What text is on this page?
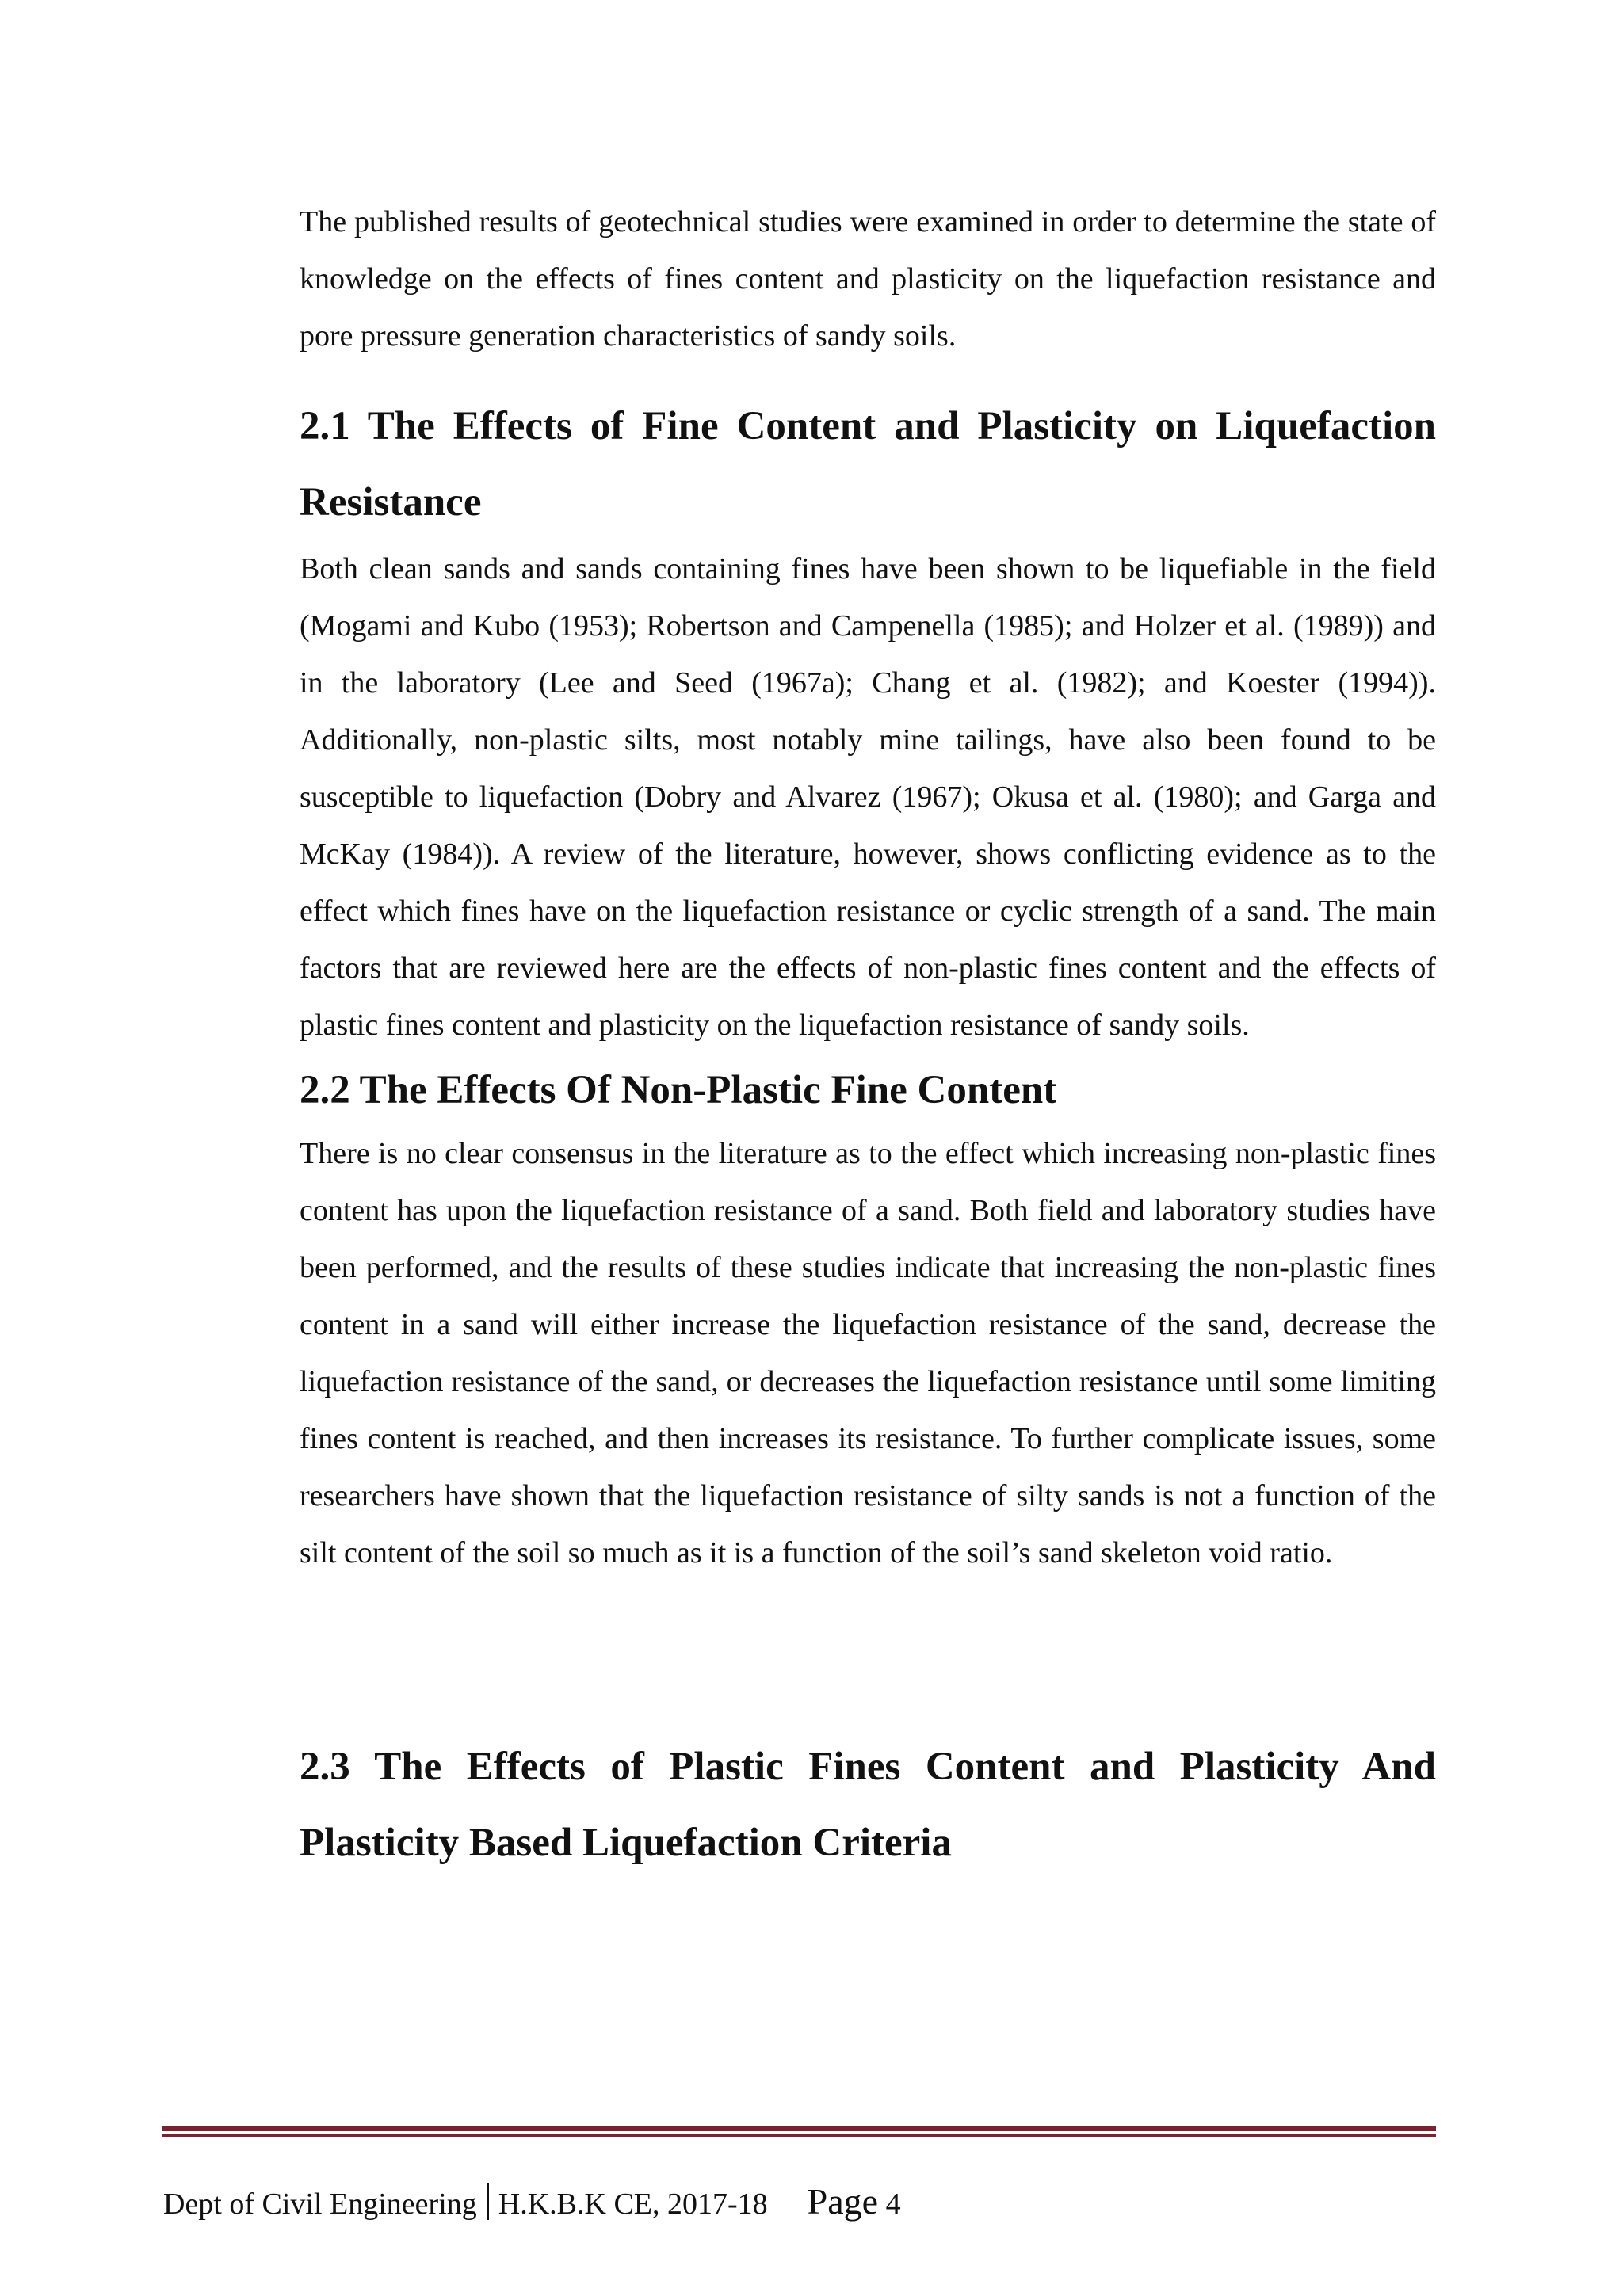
The published results of geotechnical studies were examined in order to determine the state of knowledge on the effects of fines content and plasticity on the liquefaction resistance and pore pressure generation characteristics of sandy soils.

2.1 The Effects of Fine Content and Plasticity on Liquefaction Resistance

Both clean sands and sands containing fines have been shown to be liquefiable in the field (Mogami and Kubo (1953); Robertson and Campenella (1985); and Holzer et al. (1989)) and in the laboratory (Lee and Seed (1967a); Chang et al. (1982); and Koester (1994)). Additionally, non-plastic silts, most notably mine tailings, have also been found to be susceptible to liquefaction (Dobry and Alvarez (1967); Okusa et al. (1980); and Garga and McKay (1984)). A review of the literature, however, shows conflicting evidence as to the effect which fines have on the liquefaction resistance or cyclic strength of a sand. The main factors that are reviewed here are the effects of non-plastic fines content and the effects of plastic fines content and plasticity on the liquefaction resistance of sandy soils.

2.2 The Effects Of Non-Plastic Fine Content

There is no clear consensus in the literature as to the effect which increasing non-plastic fines content has upon the liquefaction resistance of a sand. Both field and laboratory studies have been performed, and the results of these studies indicate that increasing the non-plastic fines content in a sand will either increase the liquefaction resistance of the sand, decrease the liquefaction resistance of the sand, or decreases the liquefaction resistance until some limiting fines content is reached, and then increases its resistance. To further complicate issues, some researchers have shown that the liquefaction resistance of silty sands is not a function of the silt content of the soil so much as it is a function of the soil’s sand skeleton void ratio.

2.3 The Effects of Plastic Fines Content and Plasticity And Plasticity Based Liquefaction Criteria
Dept of Civil Engineering H.K.B.K CE, 2017-18 Page 4
